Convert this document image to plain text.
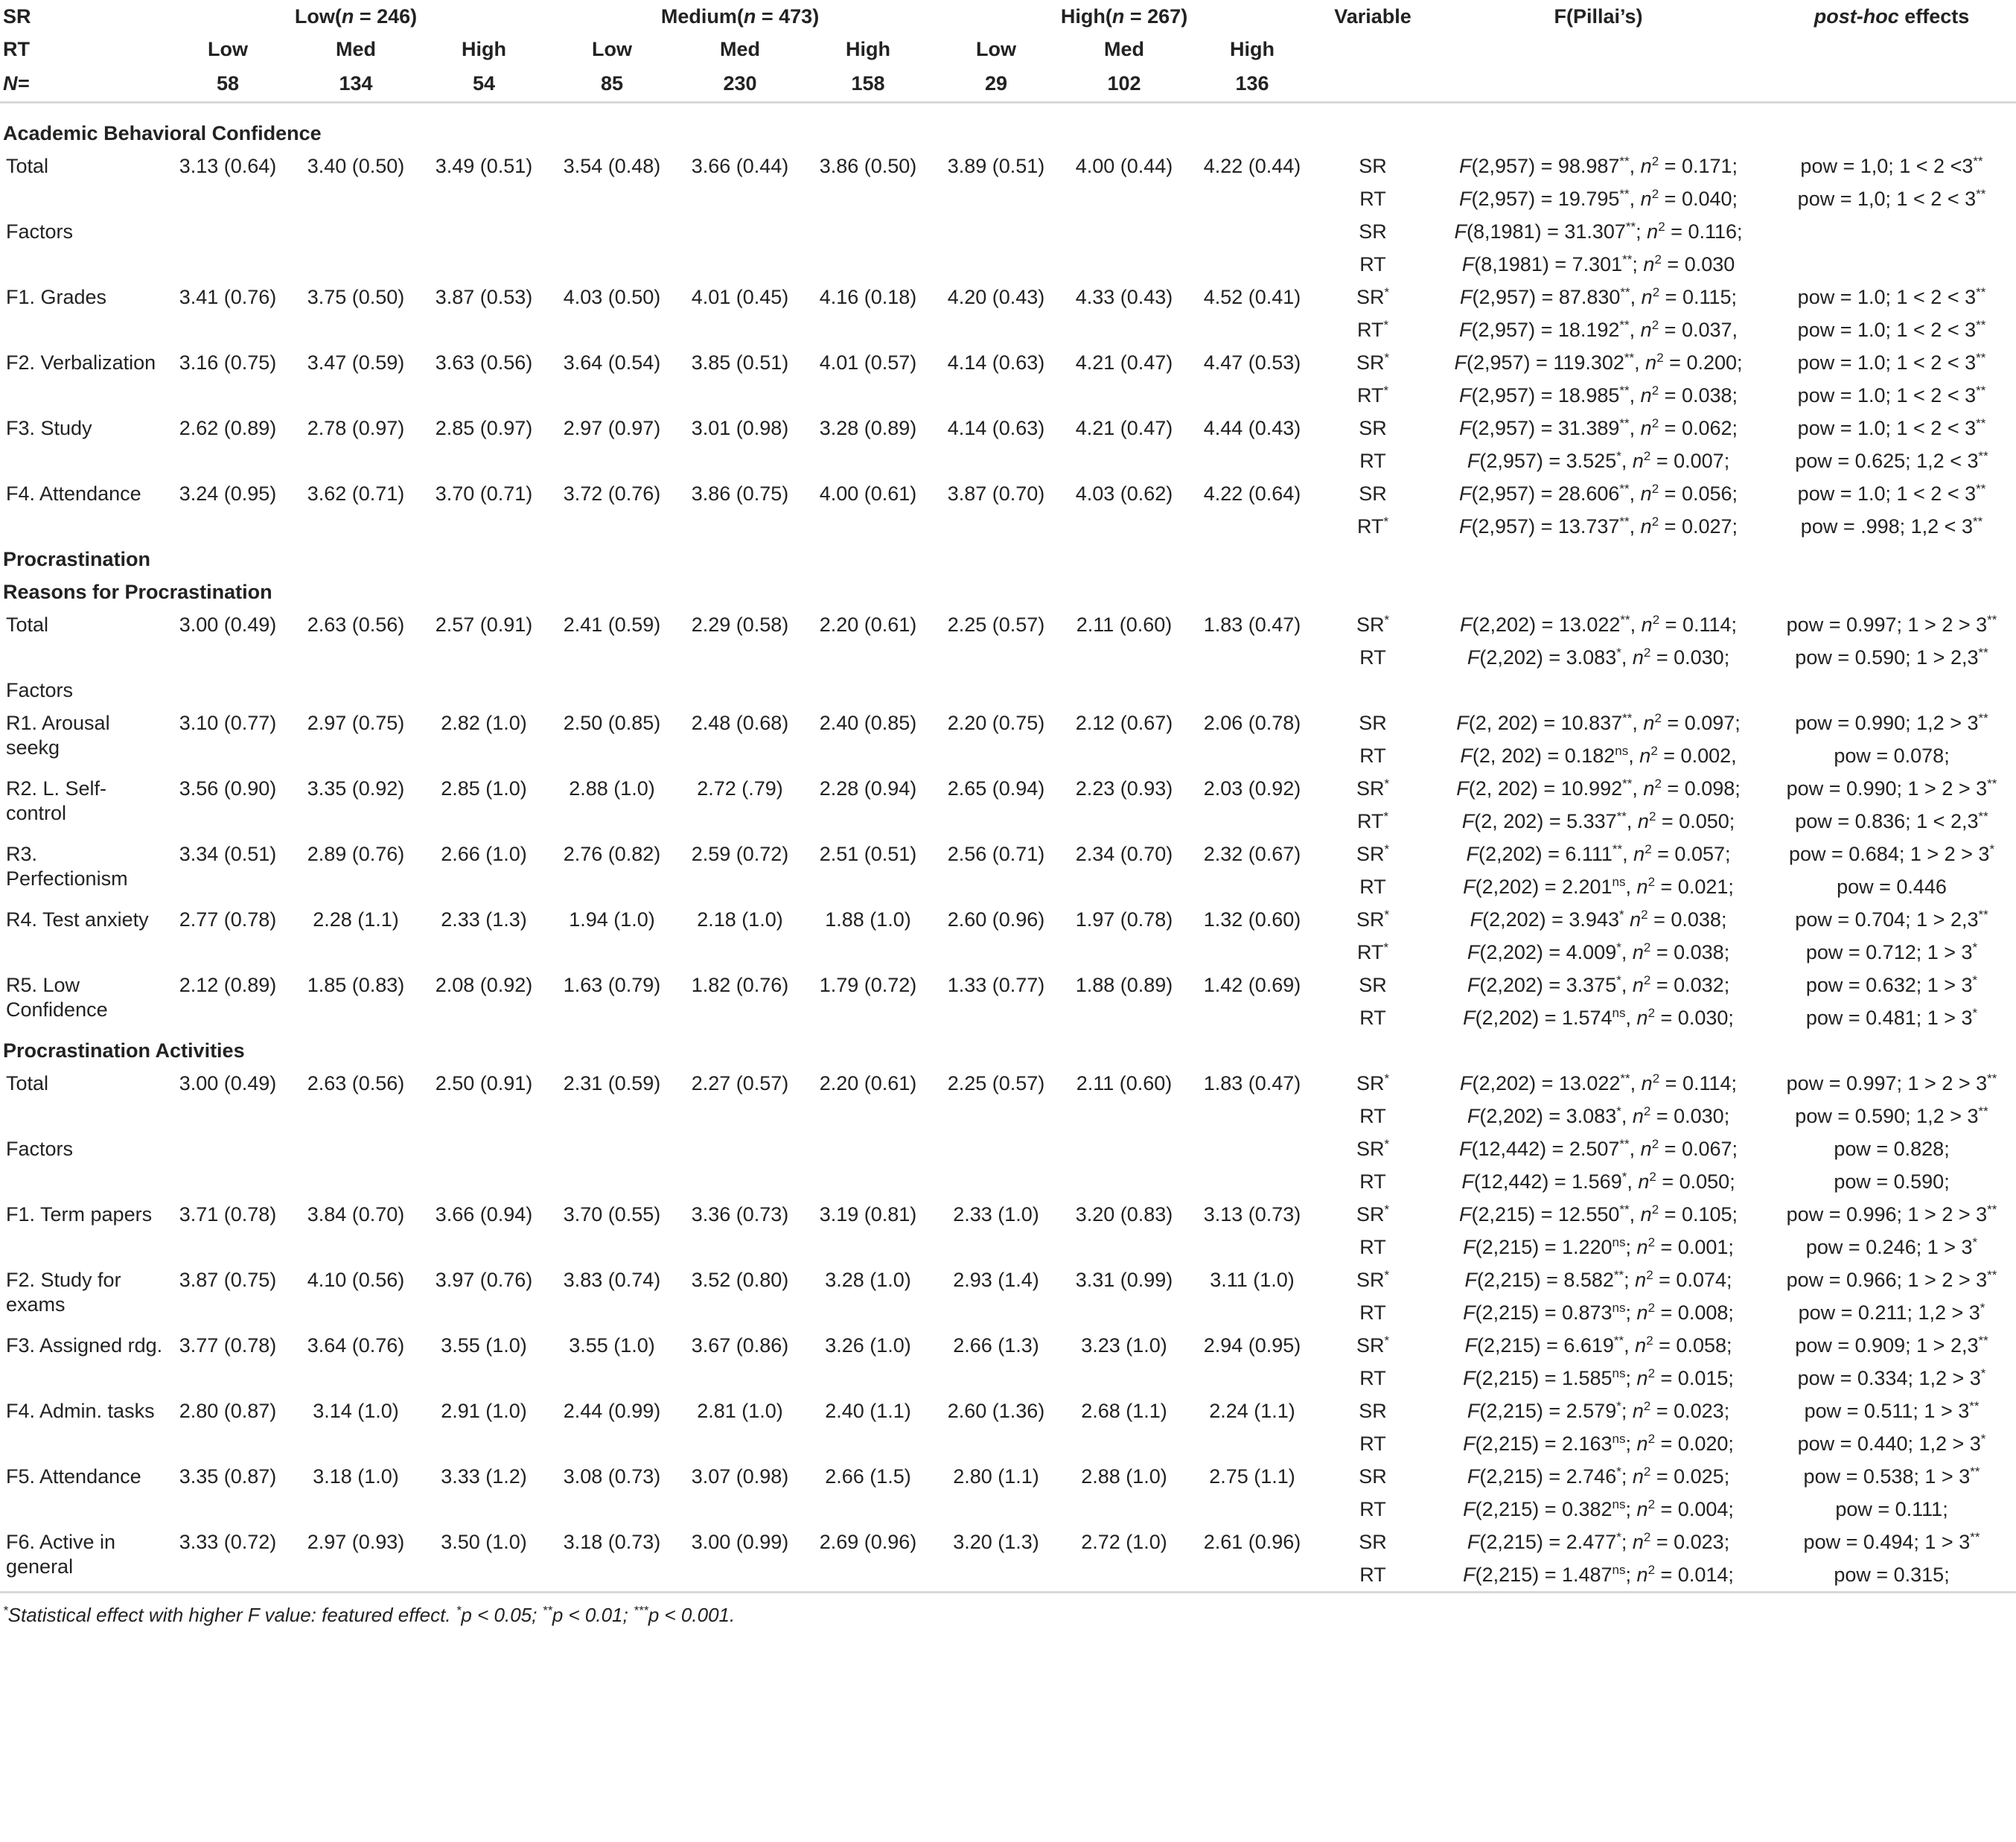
SR	Low(n = 246)			Medium(n = 473)			High(n = 267)			Variable	F(Pillai’s)	post-hoc effects
RT	Low	Med	High	Low	Med	High	Low	Med	High			
N=	58	134	54	85	230	158	29	102	136			

Academic Behavioral Confidence												
Total	3.13 (0.64)	3.40 (0.50)	3.49 (0.51)	3.54 (0.48)	3.66 (0.44)	3.86 (0.50)	3.89 (0.51)	4.00 (0.44)	4.22 (0.44)	SR	F(2,957) = 98.987**, $n^2 = 0.171$;	pow = 1,0; 1 < 2 <3**
										RT	F(2,957) = 19.795**, $n^2 = 0.040$;	pow = 1,0; 1 < 2 < 3**
Factors										SR	F(8,1981) = 31.307**; $n^2 = 0.116$;	
										RT	F(8,1981) = 7.301**; $n^2 = 0.030$	
F1. Grades	3.41 (0.76)	3.75 (0.50)	3.87 (0.53)	4.03 (0.50)	4.01 (0.45)	4.16 (0.18)	4.20 (0.43)	4.33 (0.43)	4.52 (0.41)	SR*	F(2,957) = 87.830**, $n^2 = 0.115$;	pow = 1.0; 1 < 2 < 3**
										RT*	F(2,957) = 18.192**, $n^2 = 0.037$,	pow = 1.0; 1 < 2 < 3**
F2. Verbalization	3.16 (0.75)	3.47 (0.59)	3.63 (0.56)	3.64 (0.54)	3.85 (0.51)	4.01 (0.57)	4.14 (0.63)	4.21 (0.47)	4.47 (0.53)	SR*	F(2,957) = 119.302**, $n^2 = 0.200$;	pow = 1.0; 1 < 2 < 3**
										RT*	F(2,957) = 18.985**, $n^2 = 0.038$;	pow = 1.0; 1 < 2 < 3**
F3. Study	2.62 (0.89)	2.78 (0.97)	2.85 (0.97)	2.97 (0.97)	3.01 (0.98)	3.28 (0.89)	4.14 (0.63)	4.21 (0.47)	4.44 (0.43)	SR	F(2,957) = 31.389**, $n^2 = 0.062$;	pow = 1.0; 1 < 2 < 3**
										RT	F(2,957) = 3.525*, $n^2 = 0.007$;	pow = 0.625; 1,2 < 3**
F4. Attendance	3.24 (0.95)	3.62 (0.71)	3.70 (0.71)	3.72 (0.76)	3.86 (0.75)	4.00 (0.61)	3.87 (0.70)	4.03 (0.62)	4.22 (0.64)	SR	F(2,957) = 28.606**, $n^2 = 0.056$;	pow = 1.0; 1 < 2 < 3**
										RT*	F(2,957) = 13.737**, $n^2 = 0.027$;	pow = .998; 1,2 < 3**
Procrastination												
Reasons for Procrastination												
Total	3.00 (0.49)	2.63 (0.56)	2.57 (0.91)	2.41 (0.59)	2.29 (0.58)	2.20 (0.61)	2.25 (0.57)	2.11 (0.60)	1.83 (0.47)	SR*	F(2,202) = 13.022**, $n^2 = 0.114$;	pow = 0.997; 1 > 2 > 3**
										RT	F(2,202) = 3.083*, $n^2 = 0.030$;	pow = 0.590; 1 > 2,3**
Factors												
R1. Arousal seekg	3.10 (0.77)	2.97 (0.75)	2.82 (1.0)	2.50 (0.85)	2.48 (0.68)	2.40 (0.85)	2.20 (0.75)	2.12 (0.67)	2.06 (0.78)	SR	F(2, 202) = 10.837**, $n^2 = 0.097$;	pow = 0.990; 1,2 > 3**
										RT	F(2, $202) = 0.182^{ns}$, $n^2 = 0.002$,	pow = 0.078;
R2. L. Self-control	3.56 (0.90)	3.35 (0.92)	2.85 (1.0)	2.88 (1.0)	2.72 (.79)	2.28 (0.94)	2.65 (0.94)	2.23 (0.93)	2.03 (0.92)	SR*	F(2, 202) = 10.992**, $n^2 = 0.098$;	pow = 0.990; 1 > 2 > 3**
										RT*	F(2, 202) = 5.337**, $n^2 = 0.050$;	pow = 0.836; 1 < 2,3**
R3. Perfectionism	3.34 (0.51)	2.89 (0.76)	2.66 (1.0)	2.76 (0.82)	2.59 (0.72)	2.51 (0.51)	2.56 (0.71)	2.34 (0.70)	2.32 (0.67)	SR*	F(2,202) = 6.111**, $n^2 = 0.057$;	pow = 0.684; 1 > 2 > 3*
										RT	$F(2,202) = 2.201^{ns}$, $n^2 = 0.021$;	pow = 0.446
R4. Test anxiety	2.77 (0.78)	2.28 (1.1)	2.33 (1.3)	1.94 (1.0)	2.18 (1.0)	1.88 (1.0)	2.60 (0.96)	1.97 (0.78)	1.32 (0.60)	SR*	F(2,202) = 3.943* $n^2 = 0.038$;	pow = 0.704; 1 > 2,3**
										RT*	F(2,202) = 4.009*, $n^2 = 0.038$;	pow = 0.712; 1 > 3*
R5. Low Confidence	2.12 (0.89)	1.85 (0.83)	2.08 (0.92)	1.63 (0.79)	1.82 (0.76)	1.79 (0.72)	1.33 (0.77)	1.88 (0.89)	1.42 (0.69)	SR	F(2,202) = 3.375*, $n^2 = 0.032$;	pow = 0.632; 1 > 3*
										RT	$F(2,202) = 1.574^{ns}$, $n^2 = 0.030$;	pow = 0.481; 1 > 3*
Procrastination Activities												
Total	3.00 (0.49)	2.63 (0.56)	2.50 (0.91)	2.31 (0.59)	2.27 (0.57)	2.20 (0.61)	2.25 (0.57)	2.11 (0.60)	1.83 (0.47)	SR*	F(2,202) = 13.022**, $n^2 = 0.114$;	pow = 0.997; 1 > 2 > 3**
										RT	F(2,202) = 3.083*, $n^2 = 0.030$;	pow = 0.590; 1,2 > 3**
Factors										SR*	F(12,442) = 2.507**, $n^2 = 0.067$;	pow = 0.828;
										RT	F(12,442) = 1.569*, $n^2 = 0.050$;	pow = 0.590;
F1. Term papers	3.71 (0.78)	3.84 (0.70)	3.66 (0.94)	3.70 (0.55)	3.36 (0.73)	3.19 (0.81)	2.33 (1.0)	3.20 (0.83)	3.13 (0.73)	SR*	F(2,215) = 12.550**, $n^2 = 0.105$;	pow = 0.996; 1 > 2 > 3**
										RT	$F(2,215) = 1.220^{ns}$; $n^2 = 0.001$;	pow = 0.246; 1 > 3*
F2. Study for exams	3.87 (0.75)	4.10 (0.56)	3.97 (0.76)	3.83 (0.74)	3.52 (0.80)	3.28 (1.0)	2.93 (1.4)	3.31 (0.99)	3.11 (1.0)	SR*	F(2,215) = 8.582**; $n^2 = 0.074$;	pow = 0.966; 1 > 2 > 3**
										RT	$F(2,215) = 0.873^{ns}$; $n^2 = 0.008$;	pow = 0.211; 1,2 > 3*
F3. Assigned rdg.	3.77 (0.78)	3.64 (0.76)	3.55 (1.0)	3.55 (1.0)	3.67 (0.86)	3.26 (1.0)	2.66 (1.3)	3.23 (1.0)	2.94 (0.95)	SR*	F(2,215) = 6.619**, $n^2 = 0.058$;	pow = 0.909; 1 > 2,3**
										RT	$F(2,215) = 1.585^{ns}$; $n^2 = 0.015$;	pow = 0.334; 1,2 > 3*
F4. Admin. tasks	2.80 (0.87)	3.14 (1.0)	2.91 (1.0)	2.44 (0.99)	2.81 (1.0)	2.40 (1.1)	2.60 (1.36)	2.68 (1.1)	2.24 (1.1)	SR	F(2,215) = 2.579*; $n^2 = 0.023$;	pow = 0.511; 1 > 3**
										RT	$F(2,215) = 2.163^{ns}$; $n^2 = 0.020$;	pow = 0.440; 1,2 > 3*
F5. Attendance	3.35 (0.87)	3.18 (1.0)	3.33 (1.2)	3.08 (0.73)	3.07 (0.98)	2.66 (1.5)	2.80 (1.1)	2.88 (1.0)	2.75 (1.1)	SR	F(2,215) = 2.746*; $n^2 = 0.025$;	pow = 0.538; 1 > 3**
										RT	$F(2,215) = 0.382^{ns}$; $n^2 = 0.004$;	pow = 0.111;
F6. Active in general	3.33 (0.72)	2.97 (0.93)	3.50 (1.0)	3.18 (0.73)	3.00 (0.99)	2.69 (0.96)	3.20 (1.3)	2.72 (1.0)	2.61 (0.96)	SR	F(2,215) = 2.477*; $n^2 = 0.023$;	pow = 0.494; 1 > 3**
										RT	$F(2,215) = 1.487^{ns}$; $n^2 = 0.014$;	pow = 0.315;
*Statistical effect with higher F value: featured effect. *p < 0.05; **p < 0.01; ***p < 0.001.
